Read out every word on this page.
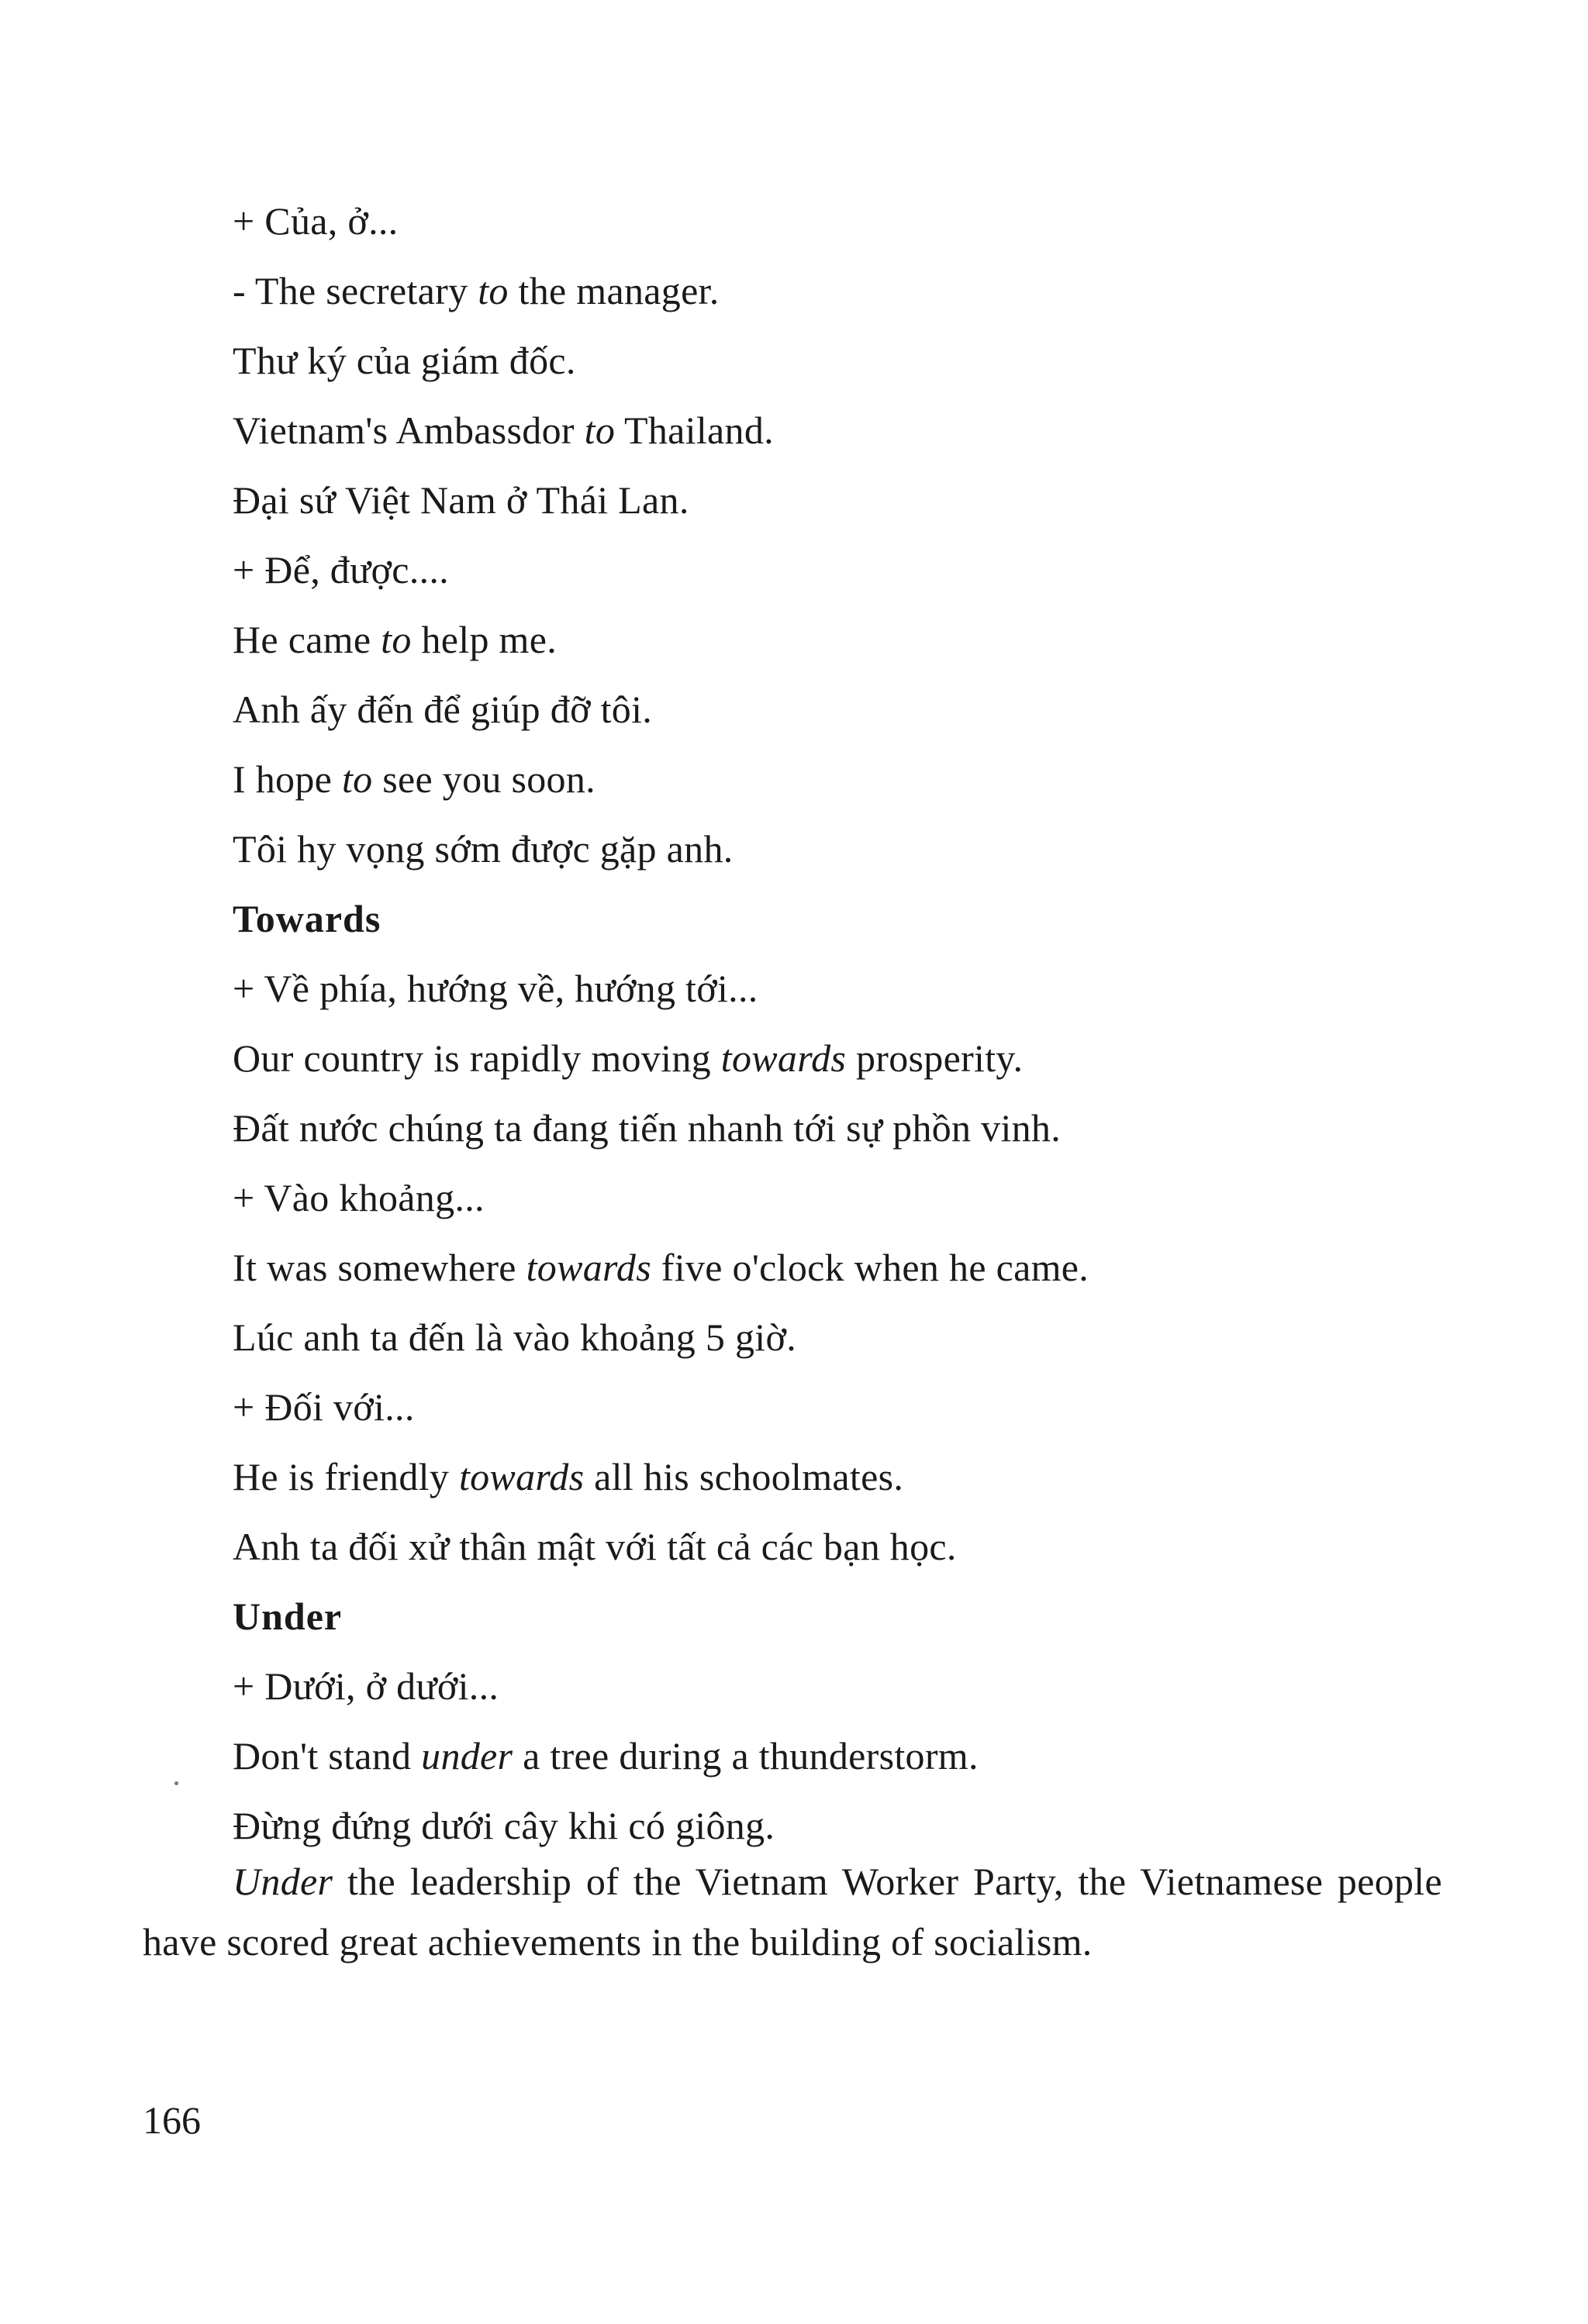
+ Của, ở...
- The secretary to the manager.
Thư ký của giám đốc.
Vietnam's Ambassdor to Thailand.
Đại sứ Việt Nam ở Thái Lan.
+ Để, được....
He came to help me.
Anh ấy đến để giúp đỡ tôi.
I hope to see you soon.
Tôi hy vọng sớm được gặp anh.
Towards
+ Về phía, hướng về, hướng tới...
Our country is rapidly moving towards prosperity.
Đất nước chúng ta đang tiến nhanh tới sự phồn vinh.
+ Vào khoảng...
It was somewhere towards five o'clock when he came.
Lúc anh ta đến là vào khoảng 5 giờ.
+ Đối với...
He is friendly towards all his schoolmates.
Anh ta đối xử thân mật với tất cả các bạn học.
Under
+ Dưới, ở dưới...
Don't stand under a tree during a thunderstorm.
Đừng đứng dưới cây khi có giông.

Under the leadership of the Vietnam Worker Party, the Vietnamese people have scored great achievements in the building of socialism.

166
